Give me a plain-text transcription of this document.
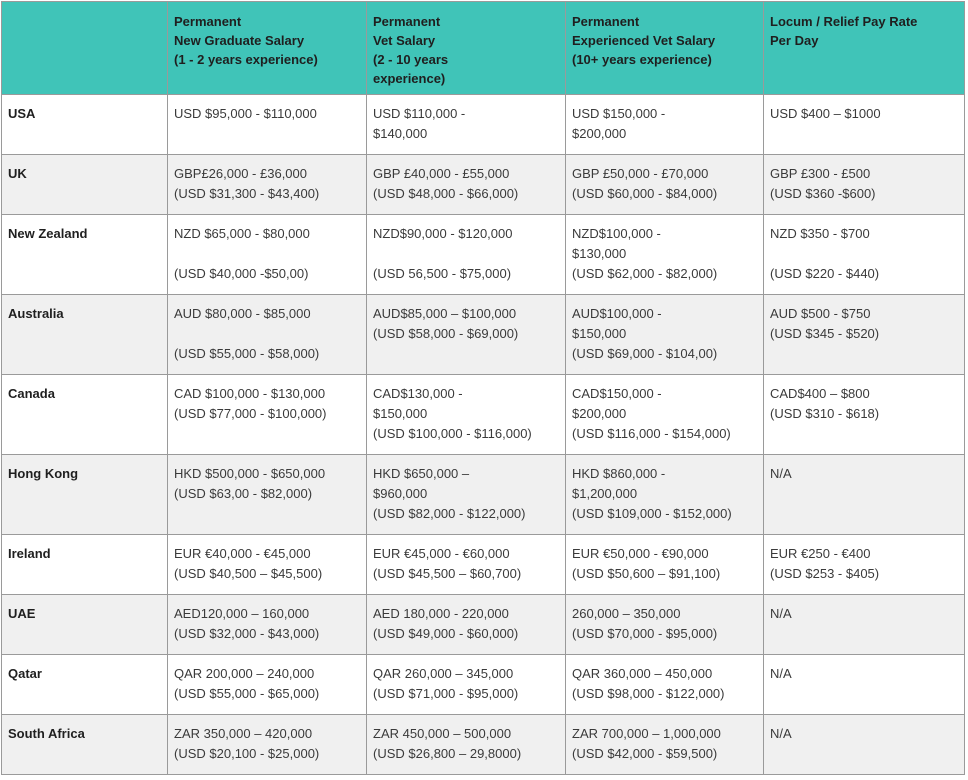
	Permanent
New Graduate Salary
(1 - 2 years experience)	Permanent
Vet Salary
(2 - 10 years
experience)	Permanent
Experienced Vet Salary
(10+ years experience)	Locum / Relief Pay Rate
Per Day

USA	USD $95,000 - $110,000	USD $110,000 -
$140,000	USD $150,000 -
$200,000	USD $400 – $1000

UK	GBP£26,000 - £36,000
(USD $31,300 - $43,400)	GBP £40,000 - £55,000
(USD $48,000 - $66,000)	GBP £50,000 - £70,000
(USD $60,000 - $84,000)	GBP £300 - £500
(USD $360 -$600)

New Zealand	NZD $65,000 - $80,000
(USD $40,000 -$50,00)	NZD$90,000 - $120,000
(USD 56,500 - $75,000)	NZD$100,000 -
$130,000
(USD $62,000 - $82,000)	NZD $350 - $700
(USD $220 - $440)

Australia	AUD $80,000 - $85,000
(USD $55,000 - $58,000)	AUD$85,000 – $100,000
(USD $58,000 - $69,000)	AUD$100,000 -
$150,000
(USD $69,000 - $104,00)	AUD $500 - $750
(USD $345 - $520)

Canada	CAD $100,000 - $130,000
(USD $77,000 - $100,000)	CAD$130,000 -
$150,000
(USD $100,000 - $116,000)	CAD$150,000 -
$200,000
(USD $116,000 - $154,000)	CAD$400 – $800
(USD $310 - $618)

Hong Kong	HKD $500,000 - $650,000
(USD $63,00 - $82,000)	HKD $650,000 –
$960,000
(USD $82,000 - $122,000)	HKD $860,000 -
$1,200,000
(USD $109,000 - $152,000)	N/A

Ireland	EUR €40,000 - €45,000
(USD $40,500 – $45,500)	EUR €45,000 - €60,000
(USD $45,500 – $60,700)	EUR €50,000 - €90,000
(USD $50,600 – $91,100)	EUR €250 - €400
(USD $253 - $405)

UAE	AED120,000 – 160,000
(USD $32,000 - $43,000)	AED 180,000 - 220,000
(USD $49,000 - $60,000)	260,000 – 350,000
(USD $70,000 - $95,000)	N/A

Qatar	QAR 200,000 – 240,000
(USD $55,000 - $65,000)	QAR 260,000 – 345,000
(USD $71,000 - $95,000)	QAR 360,000 – 450,000
(USD $98,000 - $122,000)	N/A

South Africa	ZAR 350,000 – 420,000
(USD $20,100 - $25,000)	ZAR 450,000 – 500,000
(USD $26,800 – 29,8000)	ZAR 700,000 – 1,000,000
(USD $42,000 - $59,500)	N/A
